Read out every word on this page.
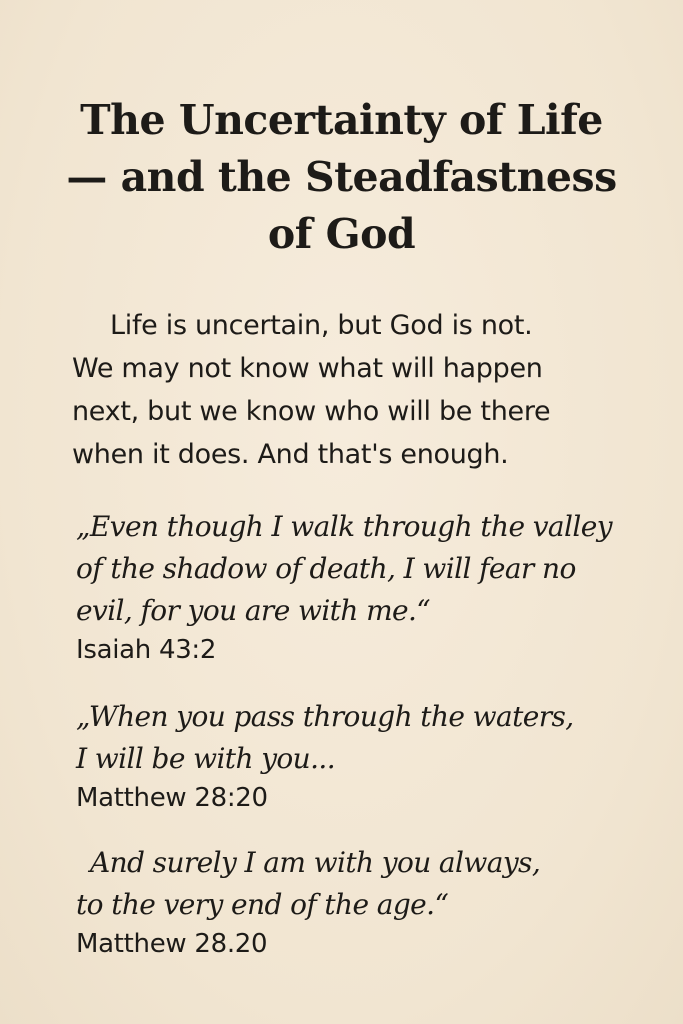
The Uncertainty of Life
— and the Steadfastness
of God

Life is uncertain, but God is not.
We may not know what will happen
next, but we know who will be there
when it does. And that's enough.

„Even though I walk through the valley
of the shadow of death, I will fear no
evil, for you are with me.“

Isaiah 43:2

„When you pass through the waters,
I will be with you...

Matthew 28:20

And surely I am with you always,
to the very end of the age.“

Matthew 28.20
